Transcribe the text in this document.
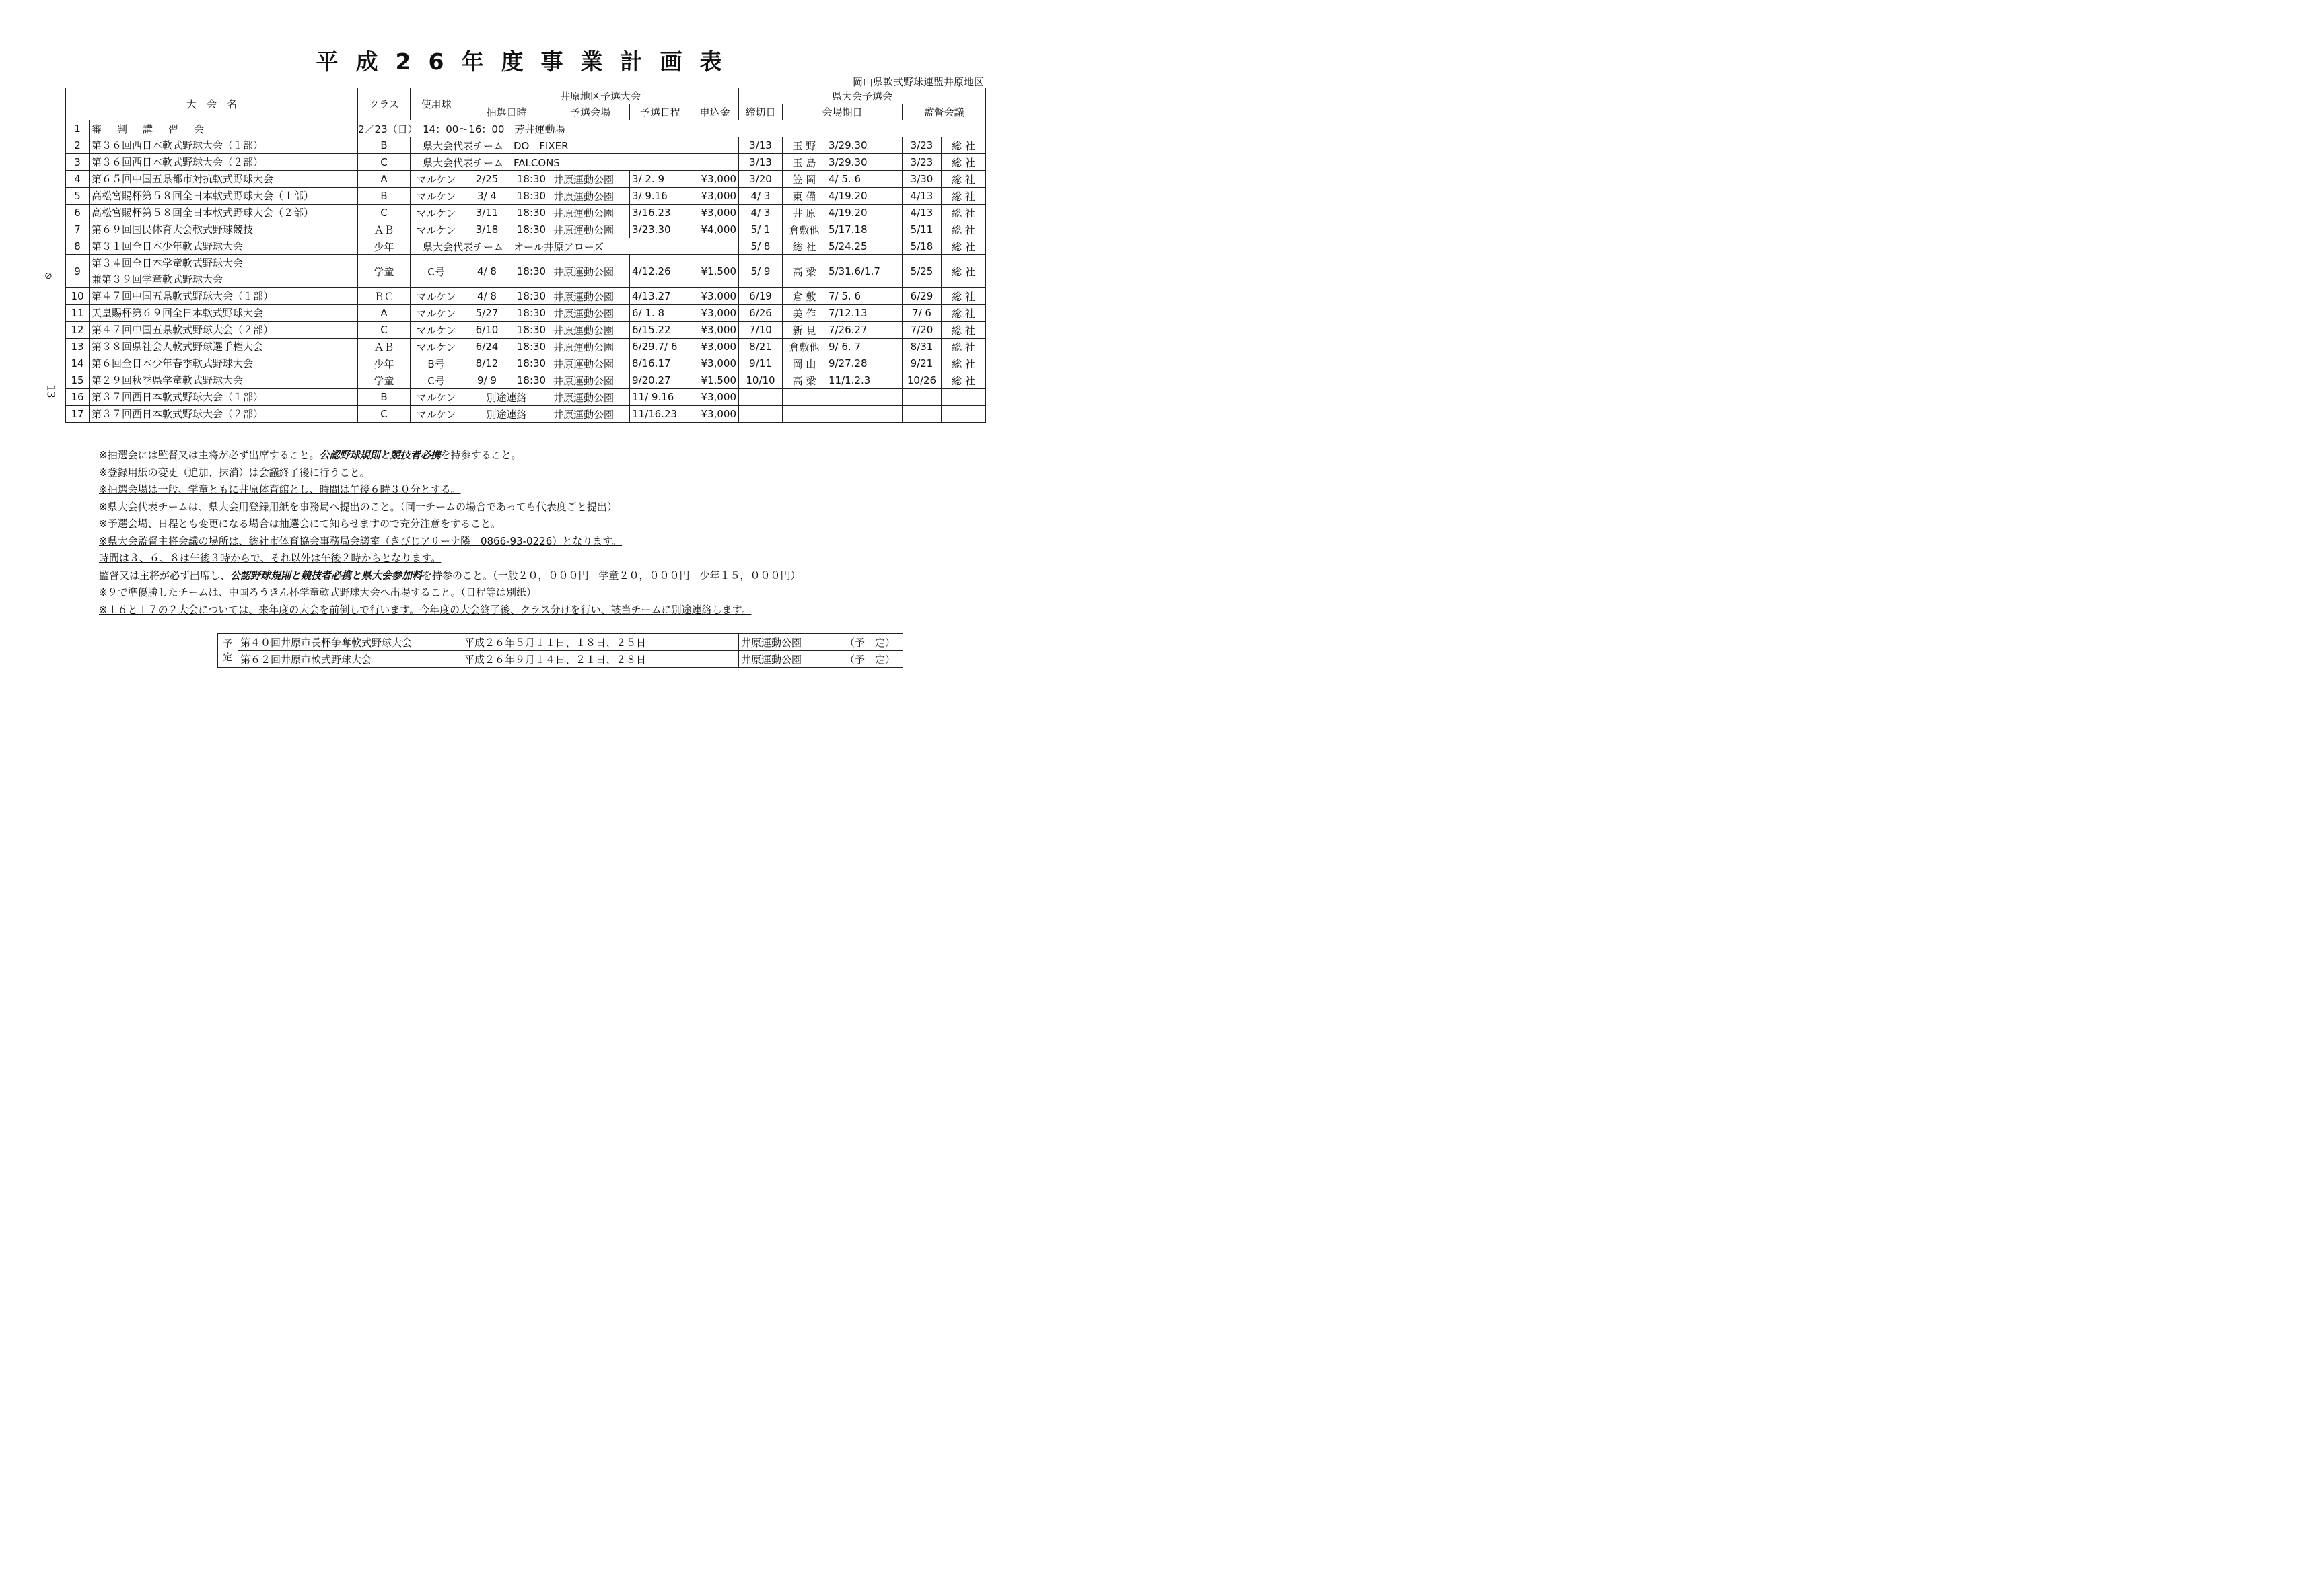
平成26年度事業計画表
岡山県軟式野球連盟井原地区
大　会　名		クラス	使用球	井原地区予選大会					県大会予選会				
				抽選日時		予選会場	予選日程	申込金	締切日	会場期日		監督会議	
1	審　判　講　習　会	2／23（日）　14：00～16：00　芳井運動場											
2	第３６回西日本軟式野球大会（１部）	B	県大会代表チーム　DO　FIXER						3/13	玉 野	3/29.30	3/23	総 社
3	第３６回西日本軟式野球大会（２部）	C	県大会代表チーム　FALCONS						3/13	玉 島	3/29.30	3/23	総 社
4	第６５回中国五県都市対抗軟式野球大会	A	マルケン	2/25	18:30	井原運動公園	3/ 2. 9	¥3,000	3/20	笠 岡	4/ 5. 6	3/30	総 社
5	高松宮賜杯第５８回全日本軟式野球大会（１部）	B	マルケン	3/ 4	18:30	井原運動公園	3/ 9.16	¥3,000	4/ 3	東 備	4/19.20	4/13	総 社
6	高松宮賜杯第５８回全日本軟式野球大会（２部）	C	マルケン	3/11	18:30	井原運動公園	3/16.23	¥3,000	4/ 3	井 原	4/19.20	4/13	総 社
7	第６９回国民体育大会軟式野球競技	ＡＢ	マルケン	3/18	18:30	井原運動公園	3/23.30	¥4,000	5/ 1	倉敷他	5/17.18	5/11	総 社
8	第３１回全日本少年軟式野球大会	少年	県大会代表チーム　オール井原アローズ						5/ 8	総 社	5/24.25	5/18	総 社
9	第３４回全日本学童軟式野球大会
兼第３９回学童軟式野球大会	学童	C号	4/ 8	18:30	井原運動公園	4/12.26	¥1,500	5/ 9	高 梁	5/31.6/1.7	5/25	総 社
10	第４７回中国五県軟式野球大会（１部）	ＢＣ	マルケン	4/ 8	18:30	井原運動公園	4/13.27	¥3,000	6/19	倉 敷	7/ 5. 6	6/29	総 社
11	天皇賜杯第６９回全日本軟式野球大会	A	マルケン	5/27	18:30	井原運動公園	6/ 1. 8	¥3,000	6/26	美 作	7/12.13	7/ 6	総 社
12	第４７回中国五県軟式野球大会（２部）	C	マルケン	6/10	18:30	井原運動公園	6/15.22	¥3,000	7/10	新 見	7/26.27	7/20	総 社
13	第３８回県社会人軟式野球選手権大会	ＡＢ	マルケン	6/24	18:30	井原運動公園	6/29.7/ 6	¥3,000	8/21	倉敷他	9/ 6. 7	8/31	総 社
14	第６回全日本少年春季軟式野球大会	少年	B号	8/12	18:30	井原運動公園	8/16.17	¥3,000	9/11	岡 山	9/27.28	9/21	総 社
15	第２９回秋季県学童軟式野球大会	学童	C号	9/ 9	18:30	井原運動公園	9/20.27	¥1,500	10/10	高 梁	11/1.2.3	10/26	総 社
16	第３７回西日本軟式野球大会（１部）	B	マルケン	別途連絡		井原運動公園	11/ 9.16	¥3,000					
17	第３７回西日本軟式野球大会（２部）	C	マルケン	別途連絡		井原運動公園	11/16.23	¥3,000					
⊘
13
※抽選会には監督又は主将が必ず出席すること。公認野球規則と競技者必携を持参すること。
※登録用紙の変更（追加、抹消）は会議終了後に行うこと。
※抽選会場は一般、学童ともに井原体育館とし、時間は午後６時３０分とする。
※県大会代表チームは、県大会用登録用紙を事務局へ提出のこと。（同一チームの場合であっても代表度ごと提出）
※予選会場、日程とも変更になる場合は抽選会にて知らせますので充分注意をすること。
※県大会監督主将会議の場所は、総社市体育協会事務局会議室（きびじアリーナ隣　0866-93-0226）となります。
時間は３、６、８は午後３時からで、それ以外は午後２時からとなります。
監督又は主将が必ず出席し、公認野球規則と競技者必携と県大会参加料を持参のこと。（一般２０，０００円　学童２０，０００円　少年１５，０００円）
※９で準優勝したチームは、中国ろうきん杯学童軟式野球大会へ出場すること。（日程等は別紙）
※１６と１７の２大会については、来年度の大会を前倒しで行います。今年度の大会終了後、クラス分けを行い、該当チームに別途連絡します。
予定	第４０回井原市長杯争奪軟式野球大会	平成２６年５月１１日、１８日、２５日	井原運動公園	（予　定）
	第６２回井原市軟式野球大会	平成２６年９月１４日、２１日、２８日	井原運動公園	（予　定）
